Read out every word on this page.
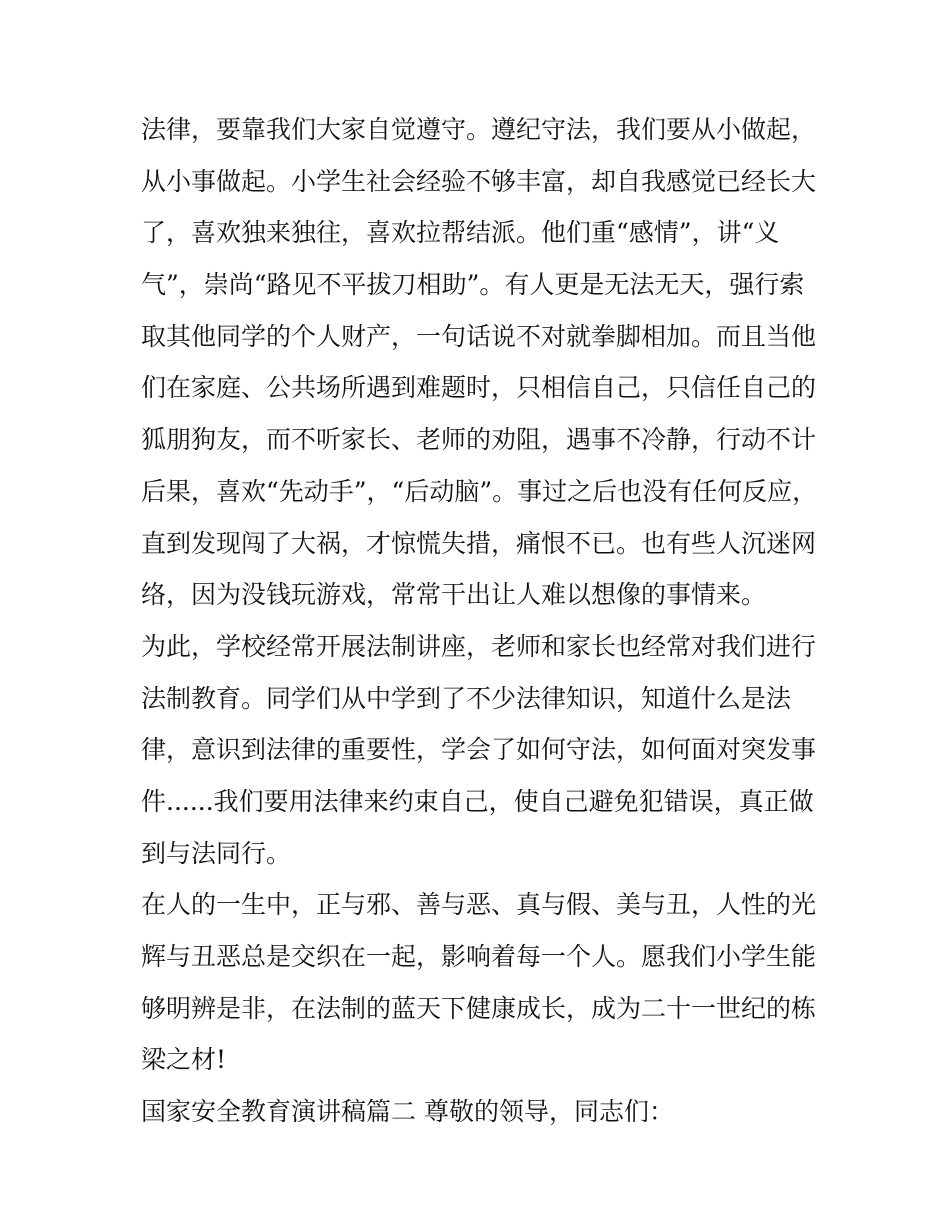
法律，要靠我们大家自觉遵守。遵纪守法，我们要从小做起，
从小事做起。小学生社会经验不够丰富，却自我感觉已经长大
了，喜欢独来独往，喜欢拉帮结派。他们重“感情”，讲“义
气”，崇尚“路见不平拔刀相助”。有人更是无法无天，强行索
取其他同学的个人财产，一句话说不对就拳脚相加。而且当他
们在家庭、公共场所遇到难题时，只相信自己，只信任自己的
狐朋狗友，而不听家长、老师的劝阻，遇事不冷静，行动不计
后果，喜欢“先动手”，“后动脑”。事过之后也没有任何反应，
直到发现闯了大祸，才惊慌失措，痛恨不已。也有些人沉迷网
络，因为没钱玩游戏，常常干出让人难以想像的事情来。
为此，学校经常开展法制讲座，老师和家长也经常对我们进行
法制教育。同学们从中学到了不少法律知识，知道什么是法
律，意识到法律的重要性，学会了如何守法，如何面对突发事
件......我们要用法律来约束自己，使自己避免犯错误，真正做
到与法同行。
在人的一生中，正与邪、善与恶、真与假、美与丑，人性的光
辉与丑恶总是交织在一起，影响着每一个人。愿我们小学生能
够明辨是非，在法制的蓝天下健康成长，成为二十一世纪的栋
梁之材!
国家安全教育演讲稿篇二 尊敬的领导，同志们：
